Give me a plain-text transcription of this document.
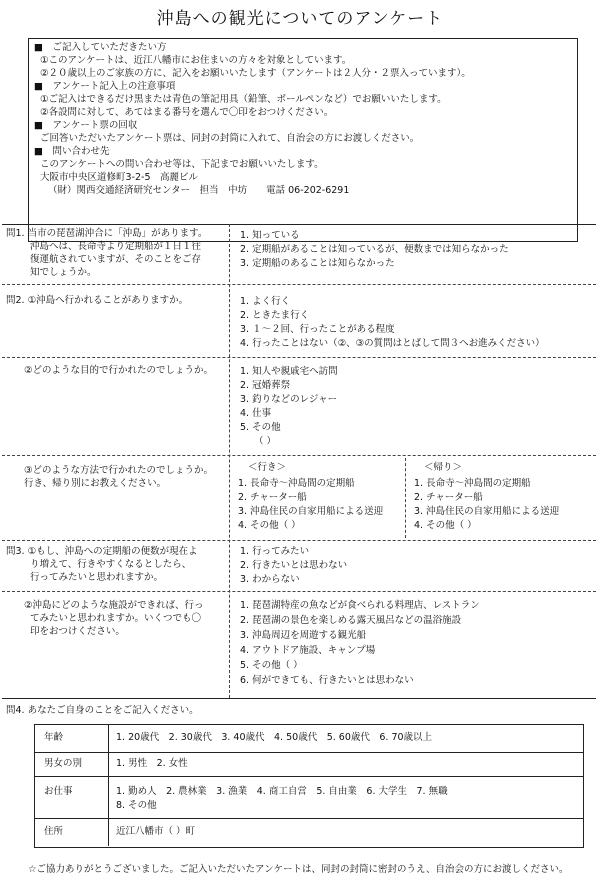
沖島への観光についてのアンケート
■　ご記入していただきたい方
①このアンケートは、近江八幡市にお住まいの方々を対象としています。
②２０歳以上のご家族の方に、記入をお願いいたします（アンケートは２人分・２票入っています）。
■　アンケート記入上の注意事項
①ご記入はできるだけ黒または青色の筆記用具（鉛筆、ボールペンなど）でお願いいたします。
②各設問に対して、あてはまる番号を選んで〇印をおつけください。
■　アンケート票の回収
ご回答いただいたアンケート票は、同封の封筒に入れて、自治会の方にお渡しください。
■　問い合わせ先
このアンケートへの問い合わせ等は、下記までお願いいたします。
大阪市中央区道修町3-2-5　高麗ビル
（財）関西交通経済研究センター　担当　中坊　　電話 06-202-6291
問1. 当市の琵琶湖沖合に「沖島」があります。
沖島へは、長命寺より定期船が１日１往
復運航されていますが、そのことをご存
知でしょうか。
1. 知っている
2. 定期船があることは知っているが、便数までは知らなかった
3. 定期船のあることは知らなかった
問2. ①沖島へ行かれることがありますか。	1. よく行く
2. ときたま行く
3. １～２回、行ったことがある程度
4. 行ったことはない（②、③の質問はとばして問３へお進みください）
②どのような目的で行かれたのでしょうか。	1. 知人や親戚宅へ訪問
2. 冠婚葬祭
3. 釣りなどのレジャー
4. 仕事
5. その他
（ ）
③どのような方法で行かれたのでしょうか。
行き、帰り別にお教えください。
＜行き＞
1. 長命寺～沖島間の定期船
2. チャーター船
3. 沖島住民の自家用船による送迎
4. その他（ ）
＜帰り＞
1. 長命寺～沖島間の定期船
2. チャーター船
3. 沖島住民の自家用船による送迎
4. その他（ ）
問3. ①もし、沖島への定期船の便数が現在よ
り増えて、行きやすくなるとしたら、
行ってみたいと思われますか。
1. 行ってみたい
2. 行きたいとは思わない
3. わからない
②沖島にどのような施設ができれば、行っ
てみたいと思われますか。いくつでも〇
印をおつけください。
1. 琵琶湖特産の魚などが食べられる料理店、レストラン
2. 琵琶湖の景色を楽しめる露天風呂などの温浴施設
3. 沖島周辺を周遊する観光船
4. アウトドア施設、キャンプ場
5. その他（ ）
6. 何ができても、行きたいとは思わない
問4. あなたご自身のことをご記入ください。
年齢	1. 20歳代　2. 30歳代　3. 40歳代　4. 50歳代　5. 60歳代　6. 70歳以上
男女の別	1. 男性　2. 女性
お仕事	1. 勤め人　2. 農林業　3. 漁業　4. 商工自営　5. 自由業　6. 大学生　7. 無職
8. その他
住所	近江八幡市（ ）町
☆ご協力ありがとうございました。ご記入いただいたアンケートは、同封の封筒に密封のうえ、自治会の方にお渡しください。
